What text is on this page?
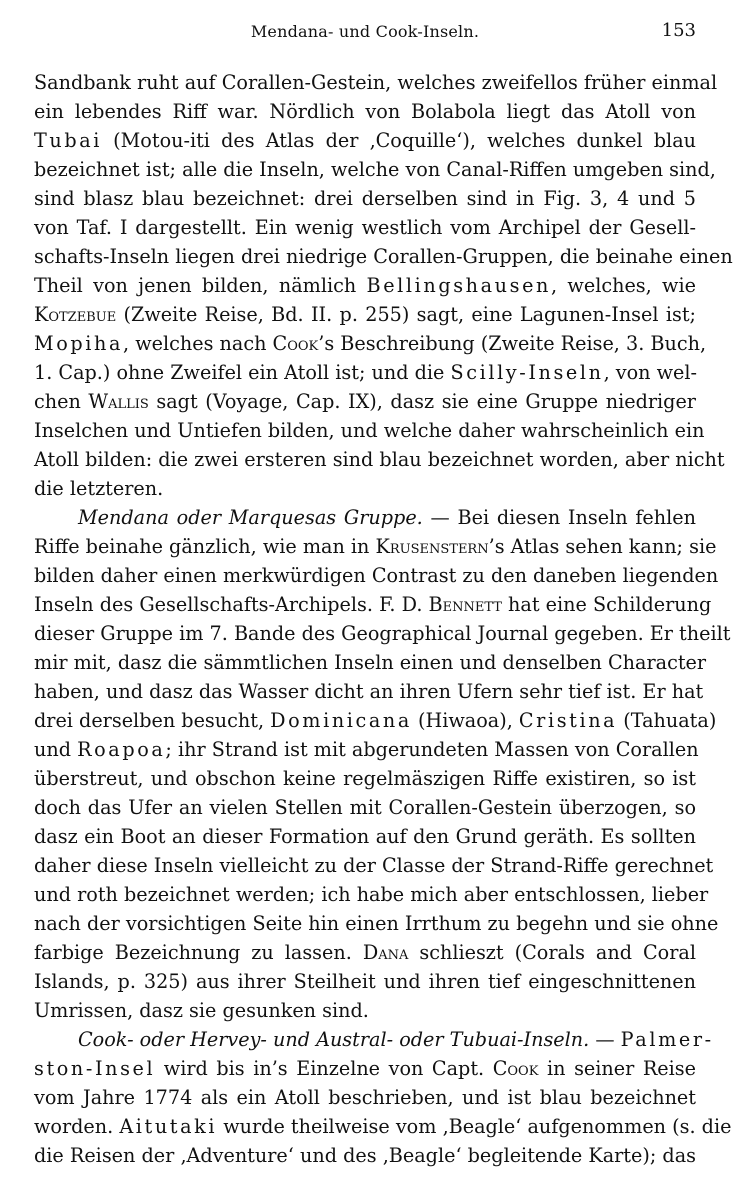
Mendana- und Cook-Inseln.	153
Sandbank ruht auf Corallen-Gestein, welches zweifellos früher einmal
ein lebendes Riff war. Nördlich von Bolabola liegt das Atoll von
Tubai (Motou-iti des Atlas der ‚Coquille‘), welches dunkel blau
bezeichnet ist; alle die Inseln, welche von Canal-Riffen umgeben sind,
sind blasz blau bezeichnet: drei derselben sind in Fig. 3, 4 und 5
von Taf. I dargestellt. Ein wenig westlich vom Archipel der Gesell-
schafts-Inseln liegen drei niedrige Corallen-Gruppen, die beinahe einen
Theil von jenen bilden, nämlich Bellingshausen, welches, wie
Kotzebue (Zweite Reise, Bd. II. p. 255) sagt, eine Lagunen-Insel ist;
Mopiha, welches nach Cook’s Beschreibung (Zweite Reise, 3. Buch,
1. Cap.) ohne Zweifel ein Atoll ist; und die Scilly-Inseln, von wel-
chen Wallis sagt (Voyage, Cap. IX), dasz sie eine Gruppe niedriger
Inselchen und Untiefen bilden, und welche daher wahrscheinlich ein
Atoll bilden: die zwei ersteren sind blau bezeichnet worden, aber nicht
die letzteren.
Mendana oder Marquesas Gruppe. — Bei diesen Inseln fehlen
Riffe beinahe gänzlich, wie man in Krusenstern’s Atlas sehen kann; sie
bilden daher einen merkwürdigen Contrast zu den daneben liegenden
Inseln des Gesellschafts-Archipels. F. D. Bennett hat eine Schilderung
dieser Gruppe im 7. Bande des Geographical Journal gegeben. Er theilt
mir mit, dasz die sämmtlichen Inseln einen und denselben Character
haben, und dasz das Wasser dicht an ihren Ufern sehr tief ist. Er hat
drei derselben besucht, Dominicana (Hiwaoa), Cristina (Tahuata)
und Roapoa; ihr Strand ist mit abgerundeten Massen von Corallen
überstreut, und obschon keine regelmäszigen Riffe existiren, so ist
doch das Ufer an vielen Stellen mit Corallen-Gestein überzogen, so
dasz ein Boot an dieser Formation auf den Grund geräth. Es sollten
daher diese Inseln vielleicht zu der Classe der Strand-Riffe gerechnet
und roth bezeichnet werden; ich habe mich aber entschlossen, lieber
nach der vorsichtigen Seite hin einen Irrthum zu begehn und sie ohne
farbige Bezeichnung zu lassen. Dana schlieszt (Corals and Coral
Islands, p. 325) aus ihrer Steilheit und ihren tief eingeschnittenen
Umrissen, dasz sie gesunken sind.
Cook- oder Hervey- und Austral- oder Tubuai-Inseln. — Palmer-
ston-Insel wird bis in’s Einzelne von Capt. Cook in seiner Reise
vom Jahre 1774 als ein Atoll beschrieben, und ist blau bezeichnet
worden. Aitutaki wurde theilweise vom ‚Beagle‘ aufgenommen (s. die
die Reisen der ‚Adventure‘ und des ‚Beagle‘ begleitende Karte); das
